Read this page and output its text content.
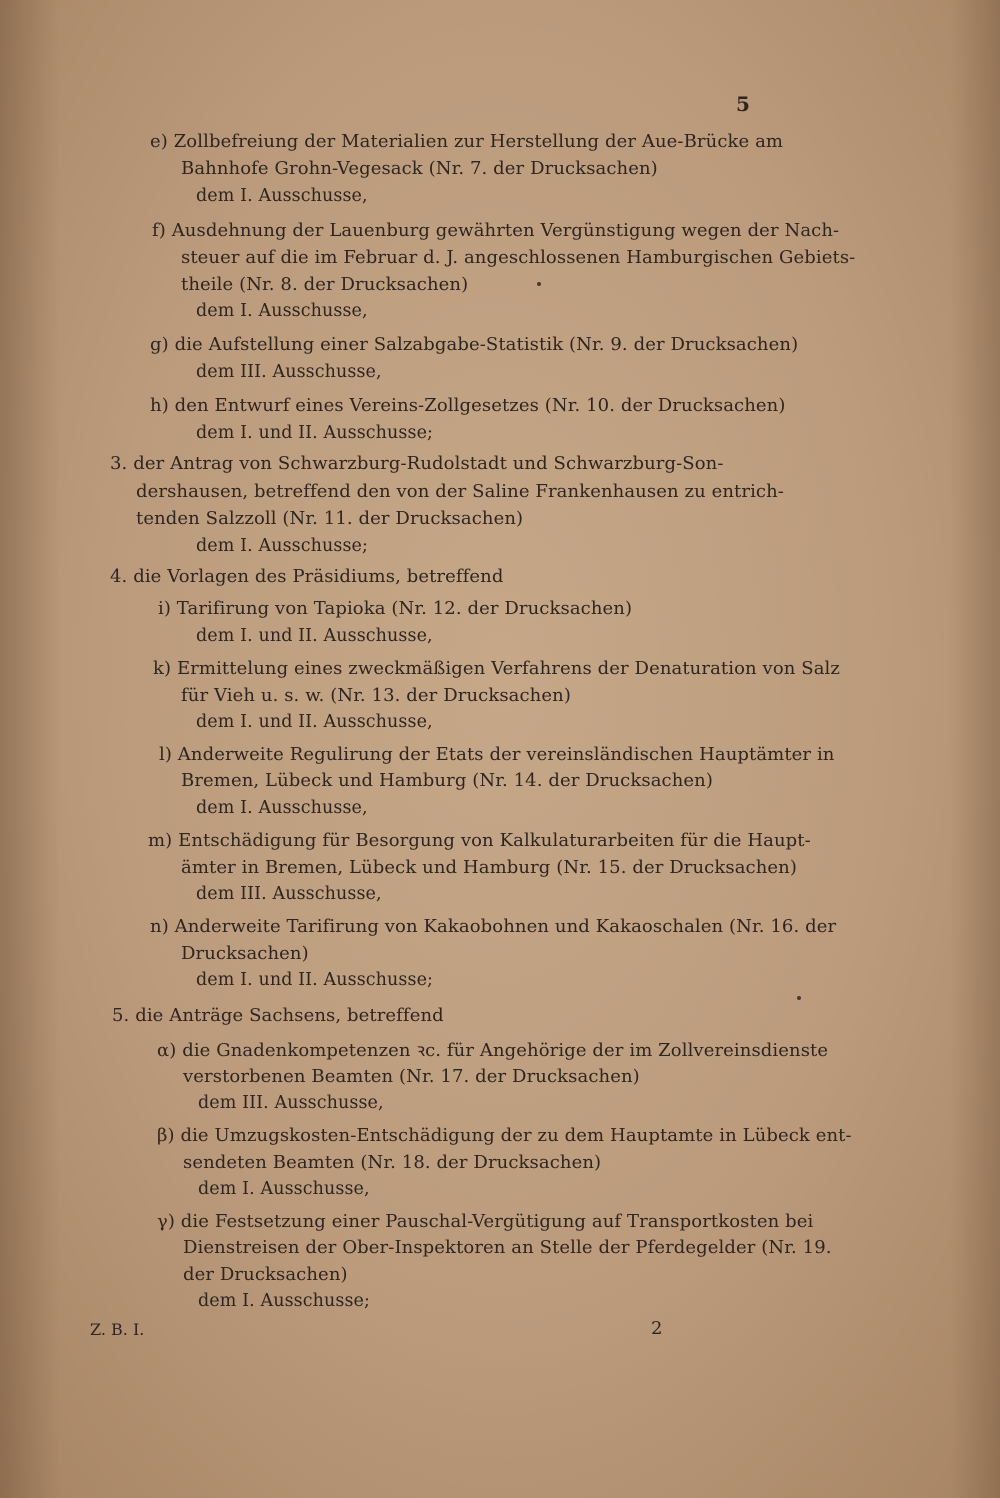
5
e) Zollbefreiung der Materialien zur Herstellung der Aue-Brücke am
Bahnhofe Grohn-Vegesack (Nr. 7. der Drucksachen)
dem I. Ausschusse,
f) Ausdehnung der Lauenburg gewährten Vergünstigung wegen der Nach-
steuer auf die im Februar d. J. angeschlossenen Hamburgischen Gebiets-
theile (Nr. 8. der Drucksachen)
dem I. Ausschusse,
g) die Aufstellung einer Salzabgabe-Statistik (Nr. 9. der Drucksachen)
dem III. Ausschusse,
h) den Entwurf eines Vereins-Zollgesetzes (Nr. 10. der Drucksachen)
dem I. und II. Ausschusse;
3. der Antrag von Schwarzburg-Rudolstadt und Schwarzburg-Son-
dershausen, betreffend den von der Saline Frankenhausen zu entrich-
tenden Salzzoll (Nr. 11. der Drucksachen)
dem I. Ausschusse;
4. die Vorlagen des Präsidiums, betreffend
i) Tarifirung von Tapioka (Nr. 12. der Drucksachen)
dem I. und II. Ausschusse,
k) Ermittelung eines zweckmäßigen Verfahrens der Denaturation von Salz
für Vieh u. s. w. (Nr. 13. der Drucksachen)
dem I. und II. Ausschusse,
l) Anderweite Regulirung der Etats der vereinsländischen Hauptämter in
Bremen, Lübeck und Hamburg (Nr. 14. der Drucksachen)
dem I. Ausschusse,
m) Entschädigung für Besorgung von Kalkulaturarbeiten für die Haupt-
ämter in Bremen, Lübeck und Hamburg (Nr. 15. der Drucksachen)
dem III. Ausschusse,
n) Anderweite Tarifirung von Kakaobohnen und Kakaoschalen (Nr. 16. der
Drucksachen)
dem I. und II. Ausschusse;
5. die Anträge Sachsens, betreffend
α) die Gnadenkompetenzen ꝛc. für Angehörige der im Zollvereinsdienste
verstorbenen Beamten (Nr. 17. der Drucksachen)
dem III. Ausschusse,
β) die Umzugskosten-Entschädigung der zu dem Hauptamte in Lübeck ent-
sendeten Beamten (Nr. 18. der Drucksachen)
dem I. Ausschusse,
γ) die Festsetzung einer Pauschal-Vergütigung auf Transportkosten bei
Dienstreisen der Ober-Inspektoren an Stelle der Pferdegelder (Nr. 19.
der Drucksachen)
dem I. Ausschusse;
Z. B. I.	2
